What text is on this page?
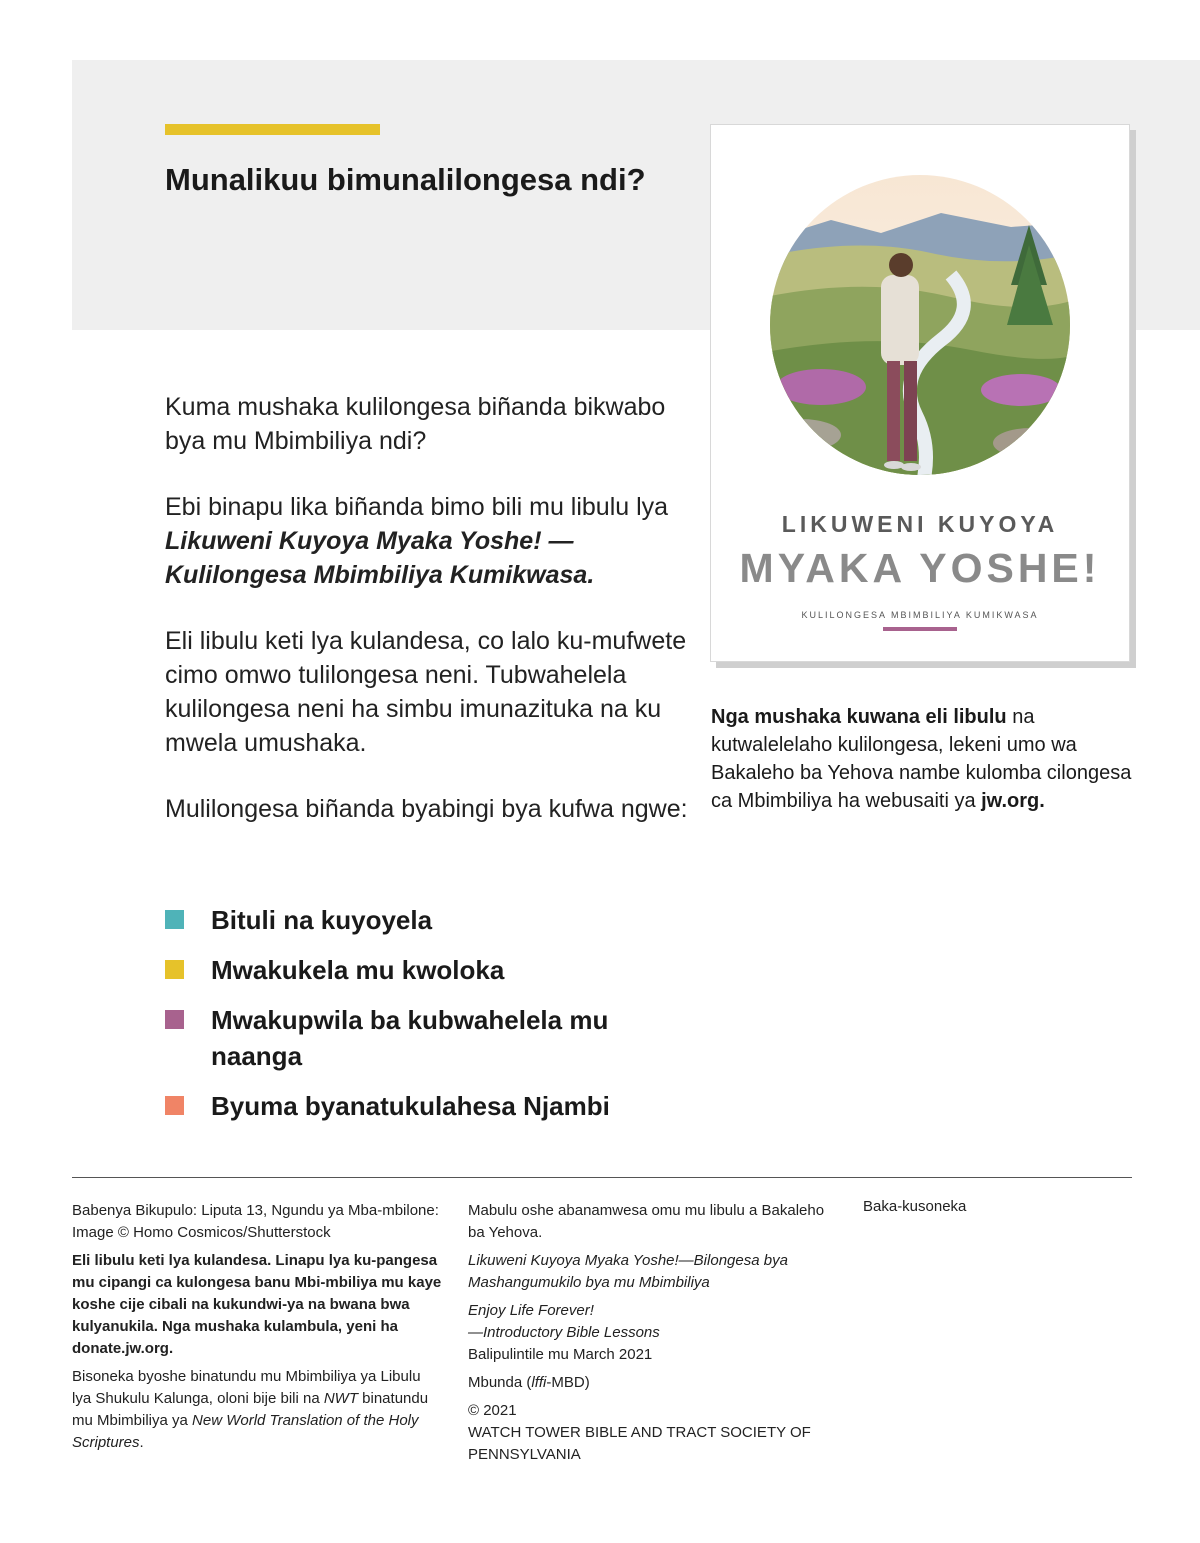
Munalikuu bimunalilongesa ndi?

Kuma mushaka kulilongesa biñanda bikwabo bya mu Mbimbiliya ndi?

Ebi binapu lika biñanda bimo bili mu libulu lya Likuweni Kuyoya Myaka Yoshe! —Kulilongesa Mbimbiliya Kumikwasa.

Eli libulu keti lya kulandesa, co lalo ku-mufwete cimo omwo tulilongesa neni. Tubwahelela kulilongesa neni ha simbu imunazituka na ku mwela umushaka.

Mulilongesa biñanda byabingi bya kufwa ngwe:

Bituli na kuyoyela
Mwakukela mu kwoloka
Mwakupwila ba kubwahelela mu naanga
Byuma byanatukulahesa Njambi
LIKUWENI KUYOYA
MYAKA YOSHE!
KULILONGESA MBIMBILIYA KUMIKWASA

Nga mushaka kuwana eli libulu na kutwalelelaho kulilongesa, lekeni umo wa Bakaleho ba Yehova nambe kulomba cilongesa ca Mbimbiliya ha webusaiti ya jw.org.

Babenya Bikupulo: Liputa 13, Ngundu ya Mba-mbilone: Image © Homo Cosmicos/Shutterstock

Eli libulu keti lya kulandesa. Linapu lya ku-pangesa mu cipangi ca kulongesa banu Mbi-mbiliya mu kaye koshe cije cibali na kukundwi-ya na bwana bwa kulyanukila. Nga mushaka kulambula, yeni ha donate.jw.org.

Bisoneka byoshe binatundu mu Mbimbiliya ya Libulu lya Shukulu Kalunga, oloni bije bili na NWT binatundu mu Mbimbiliya ya New World Translation of the Holy Scriptures.

Mabulu oshe abanamwesa omu mu libulu a Bakaleho ba Yehova.

Likuweni Kuyoya Myaka Yoshe!—Bilongesa bya Mashangumukilo bya mu Mbimbiliya

Enjoy Life Forever!
—Introductory Bible Lessons
Balipulintile mu March 2021

Mbunda (lffi-MBD)

© 2021
WATCH TOWER BIBLE AND TRACT SOCIETY OF PENNSYLVANIA

Baka-kusoneka
